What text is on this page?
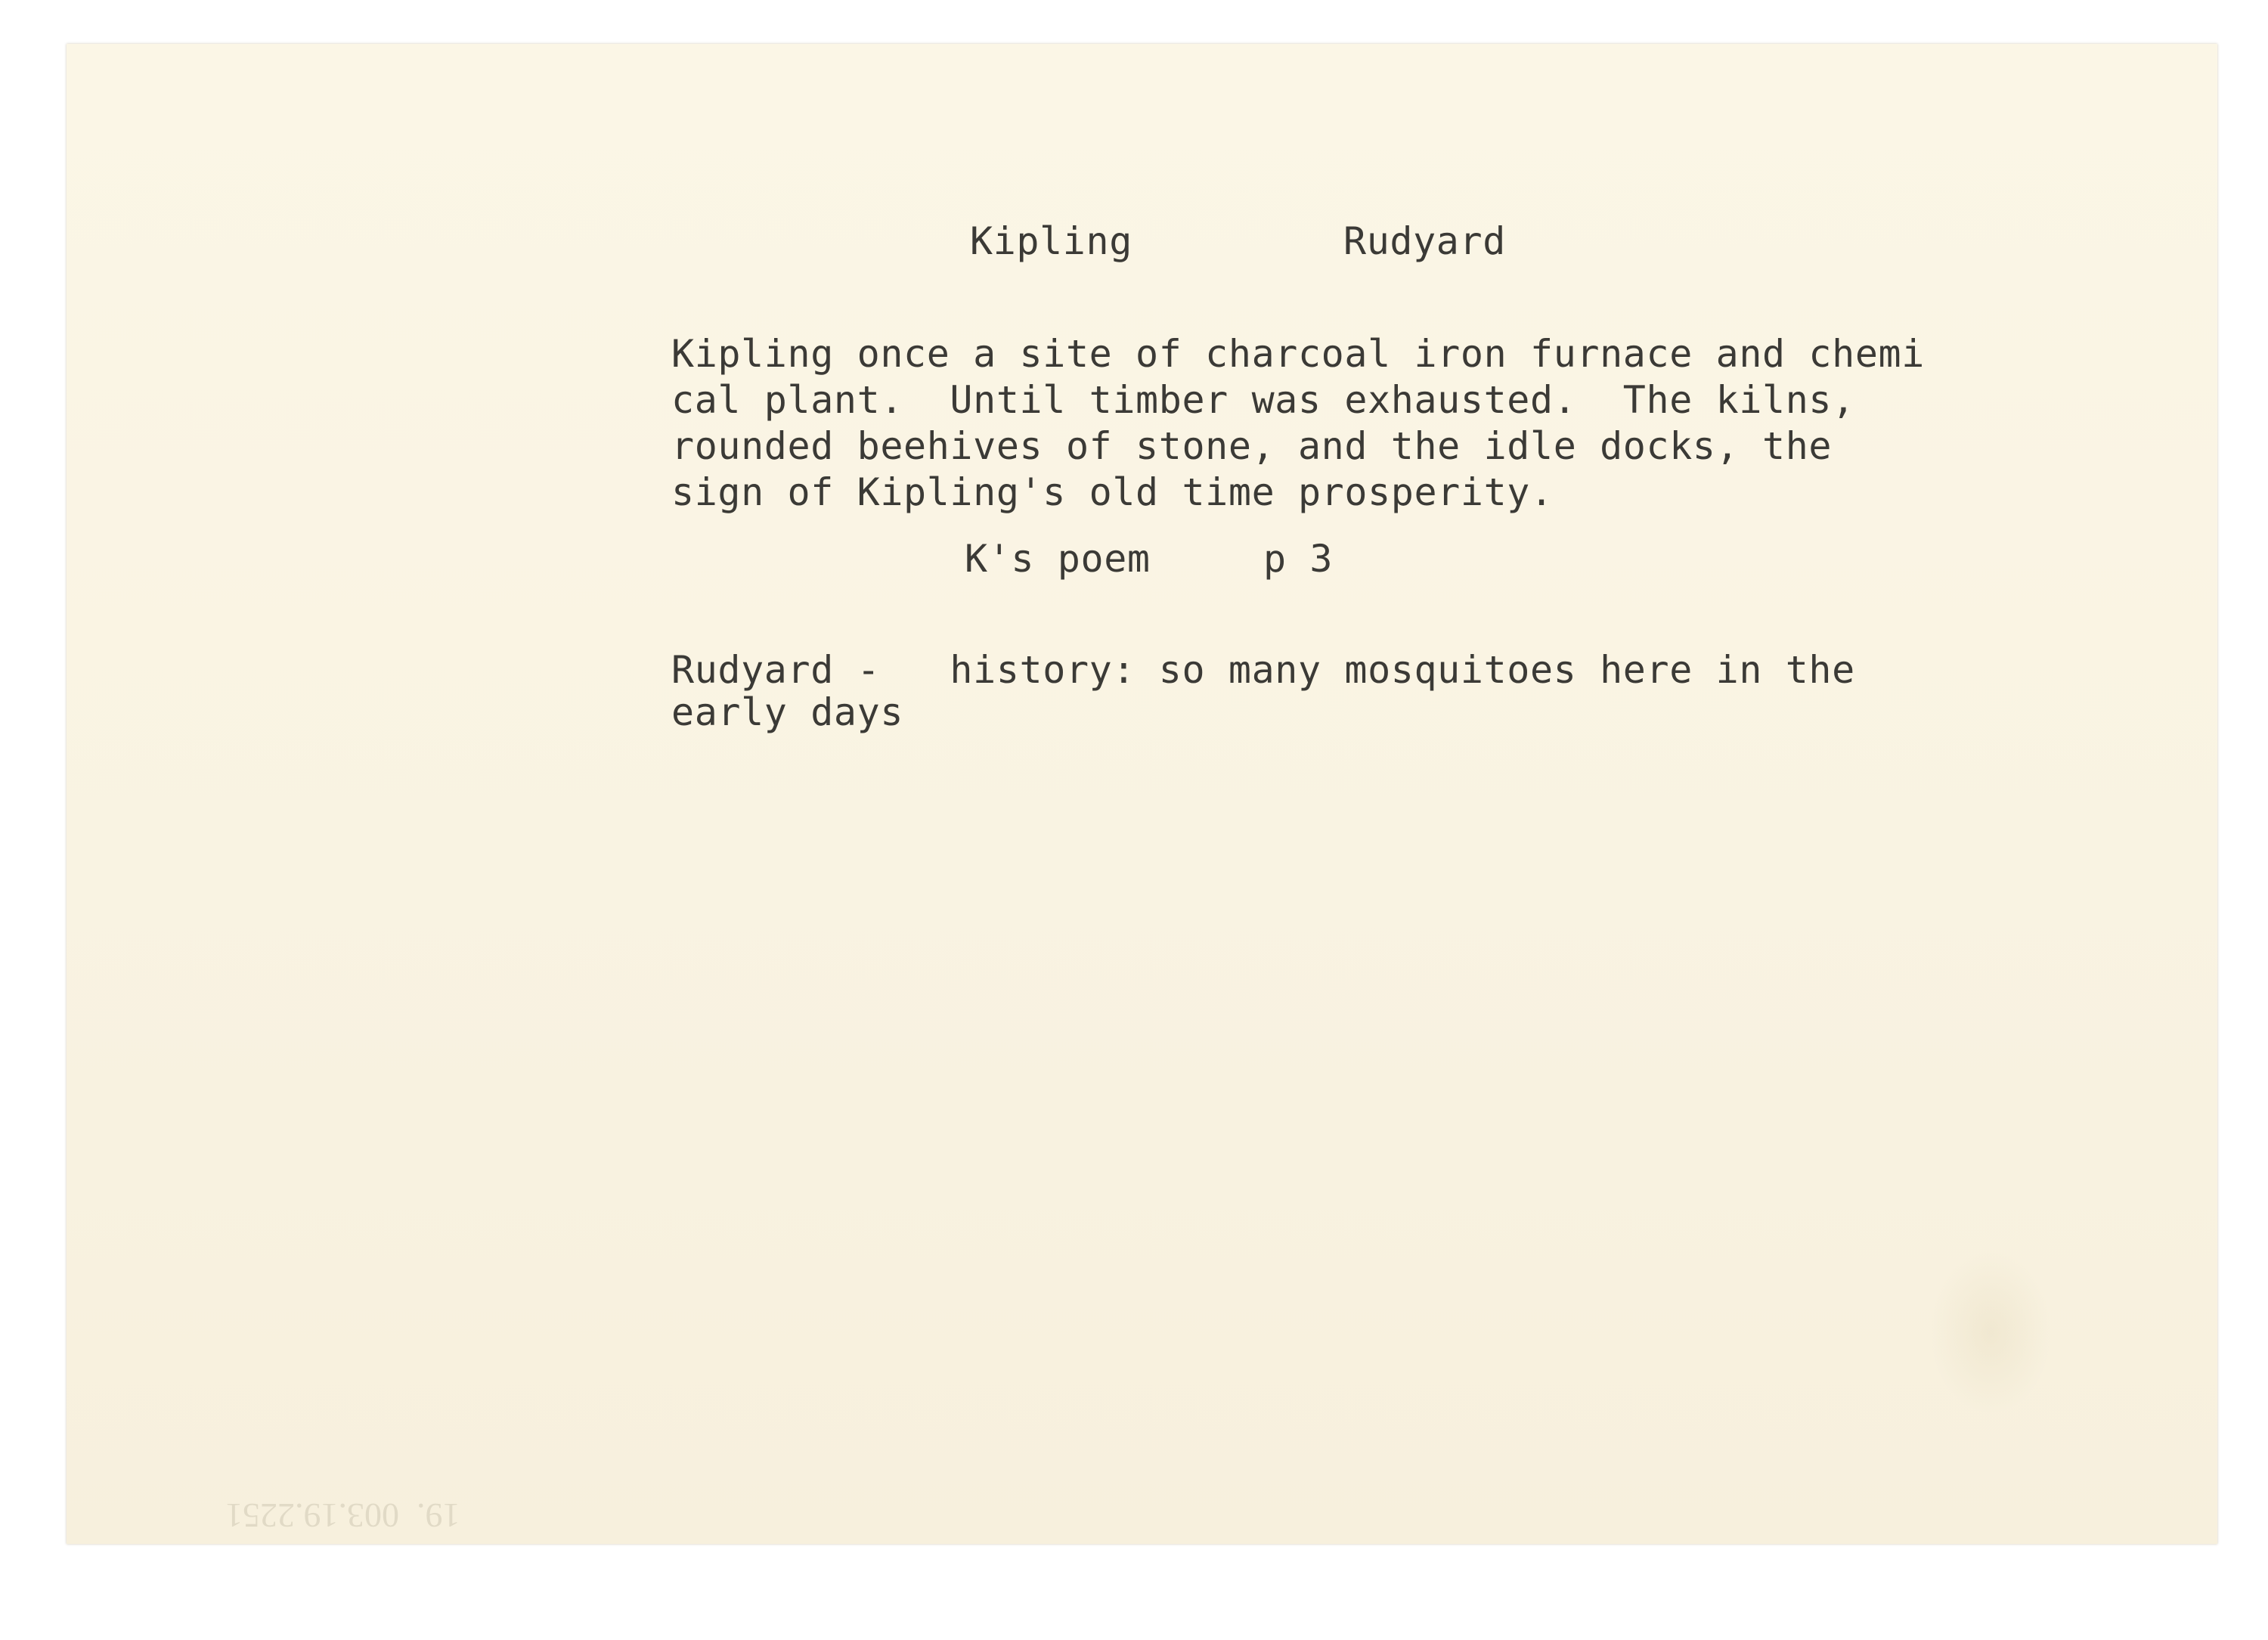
Kipling	Rudyard

Kipling once a site of charcoal iron furnace and chemi
cal plant.  Until timber was exhausted.  The kilns,
rounded beehives of stone, and the idle docks, the
sign of Kipling's old time prosperity.

K's poem	p 3

Rudyard -   history: so many mosquitoes here in the
early days

19.  003.19.2251
